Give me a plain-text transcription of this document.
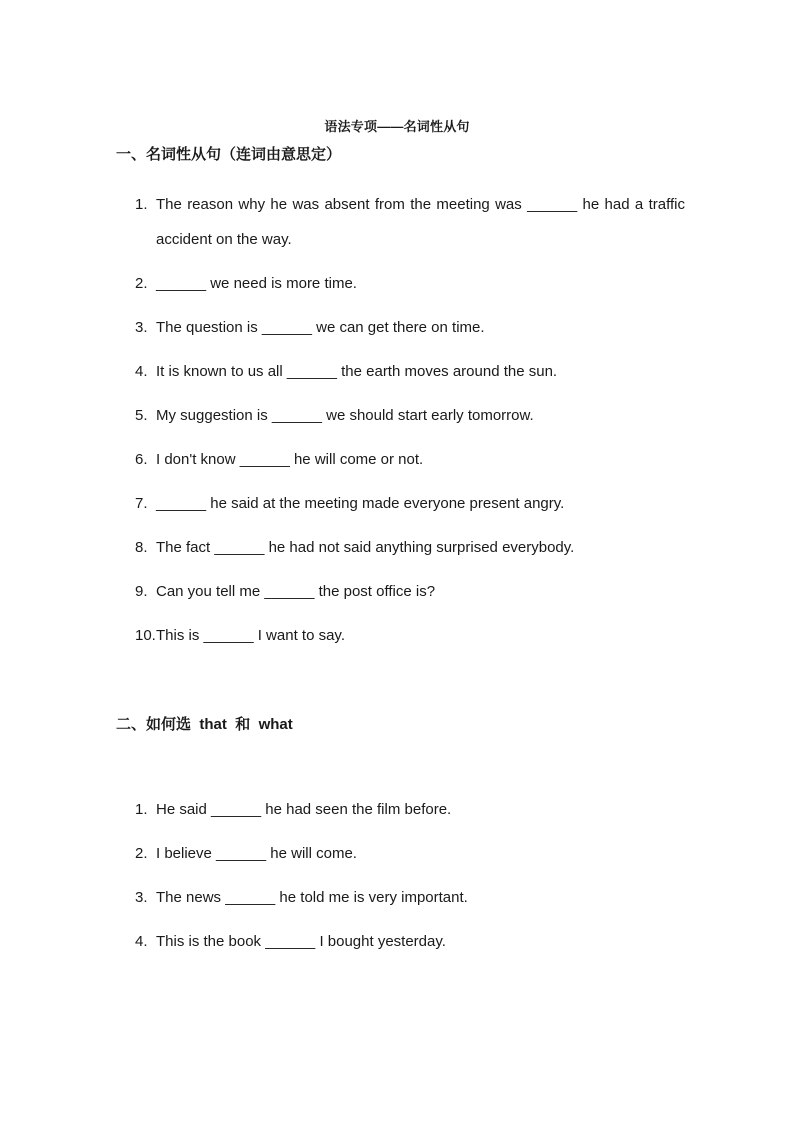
语法专项——名词性从句
一、名词性从句（连词由意思定）
1. The reason why he was absent from the meeting was ______ he had a traffic accident on the way.
2. ______ we need is more time.
3. The question is ______ we can get there on time.
4. It is known to us all ______ the earth moves around the sun.
5. My suggestion is ______ we should start early tomorrow.
6. I don't know ______ he will come or not.
7. ______ he said at the meeting made everyone present angry.
8. The fact ______ he had not said anything surprised everybody.
9. Can you tell me ______ the post office is?
10. This is ______ I want to say.
二、如何选 that 和 what
1. He said ______ he had seen the film before.
2. I believe ______ he will come.
3. The news ______ he told me is very important.
4. This is the book ______ I bought yesterday.
